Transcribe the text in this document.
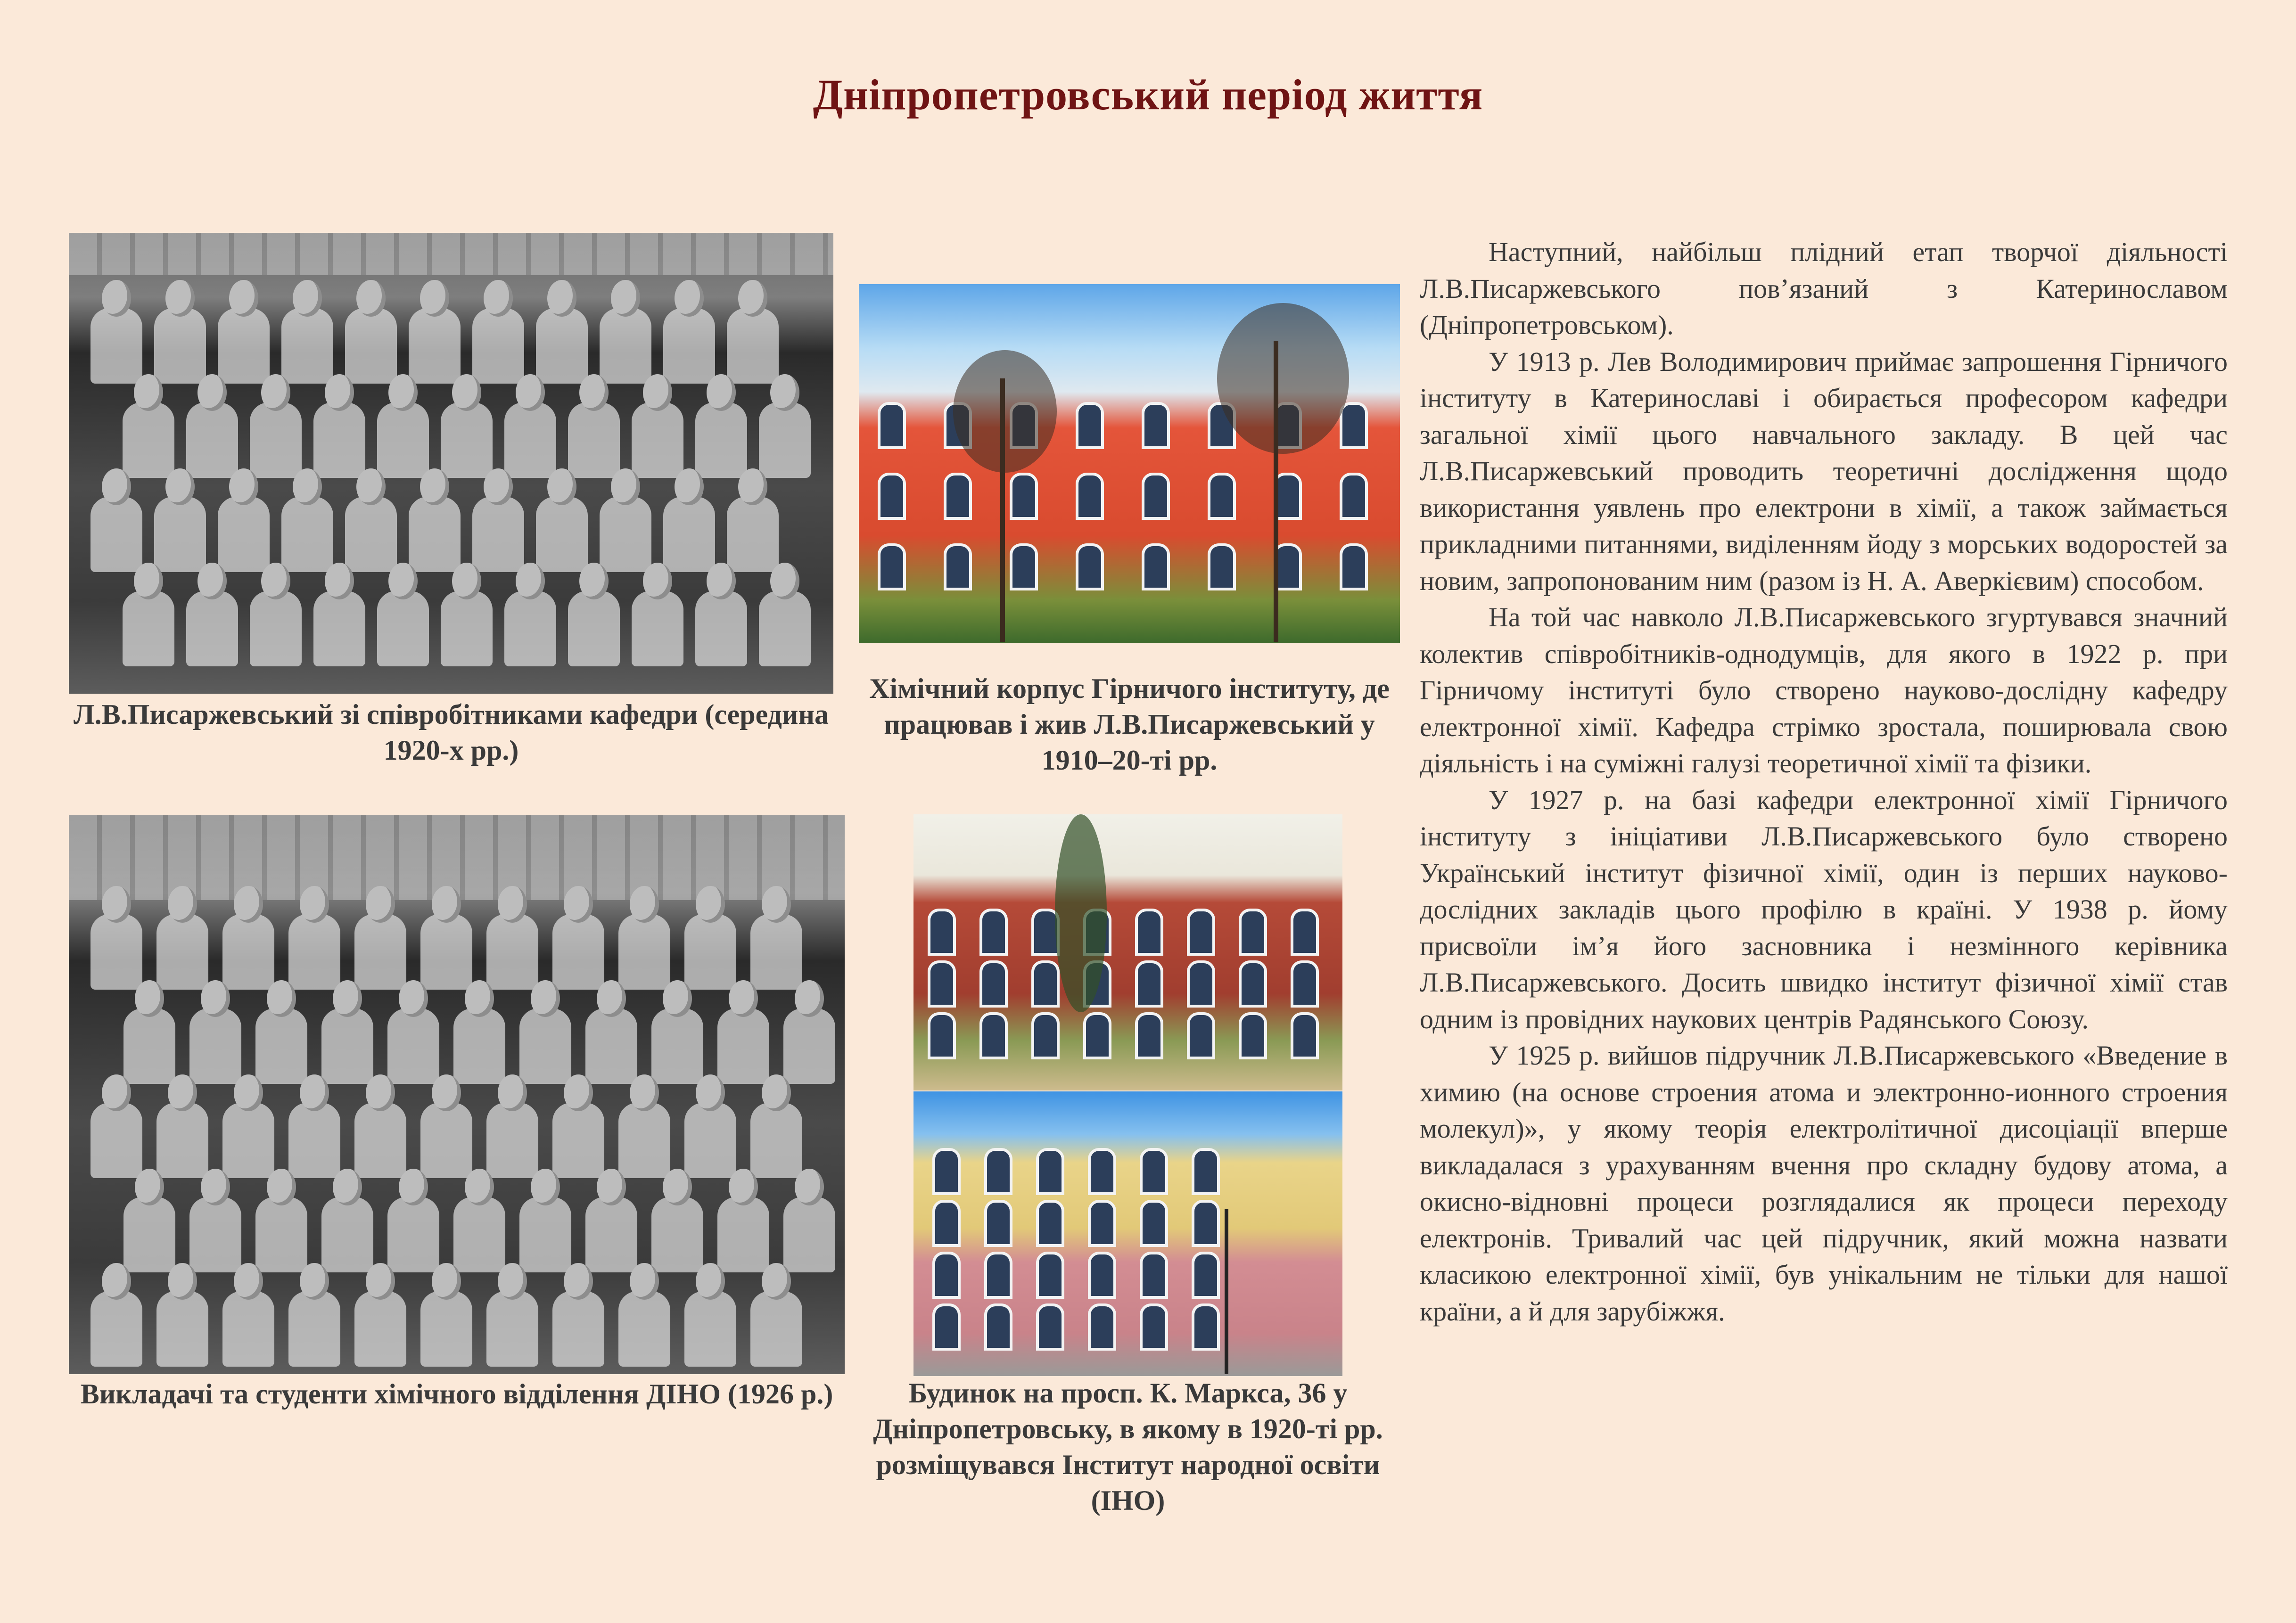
Дніпропетровський період життя
Л.В.Писаржевський зі співробітниками кафедри (середина 1920-х рр.)
Хімічний корпус Гірничого інституту, де працював і жив Л.В.Писаржевський у 1910–20-ті рр.
Викладачі та студенти хімічного відділення ДІНО (1926 р.)	Будинок на просп. К. Маркса, 36 у Дніпропетровську, в якому в 1920-ті рр. розміщувався Інститут народної освіти (ІНО)

Наступний, найбільш плідний етап творчої діяльності Л.В.Писаржевського пов’язаний з Катеринославом (Дніпропетровськом).

У 1913 р. Лев Володимирович приймає запрошення Гірничого інституту в Катеринославі і обирається професором кафедри загальної хімії цього навчального закладу. В цей час Л.В.Писаржевський проводить теоретичні дослідження щодо використання уявлень про електрони в хімії, а також займається прикладними питаннями, виділенням йоду з морських водоростей за новим, запропонованим ним (разом із Н. А. Аверкієвим) способом.

На той час навколо Л.В.Писаржевського згуртувався значний колектив співробітників-однодумців, для якого в 1922 р. при Гірничому інституті було створено науково-дослідну кафедру електронної хімії. Кафедра стрімко зростала, поширювала свою діяльність і на суміжні галузі теоретичної хімії та фізики.

У 1927 р. на базі кафедри електронної хімії Гірничого інституту з ініціативи Л.В.Писаржевського було створено Український інститут фізичної хімії, один із перших науково-дослідних закладів цього профілю в країні. У 1938 р. йому присвоїли ім’я його засновника і незмінного керівника Л.В.Писаржевського. Досить швидко інститут фізичної хімії став одним із провідних наукових центрів Радянського Союзу.

У 1925 р. вийшов підручник Л.В.Писаржевського «Введение в химию (на основе строения атома и электронно-ионного строения молекул)», у якому теорія електролітичної дисоціації вперше викладалася з урахуванням вчення про складну будову атома, а окисно-відновні процеси розглядалися як процеси переходу електронів. Тривалий час цей підручник, який можна назвати класикою електронної хімії, був унікальним не тільки для нашої країни, а й для зарубіжжя.
